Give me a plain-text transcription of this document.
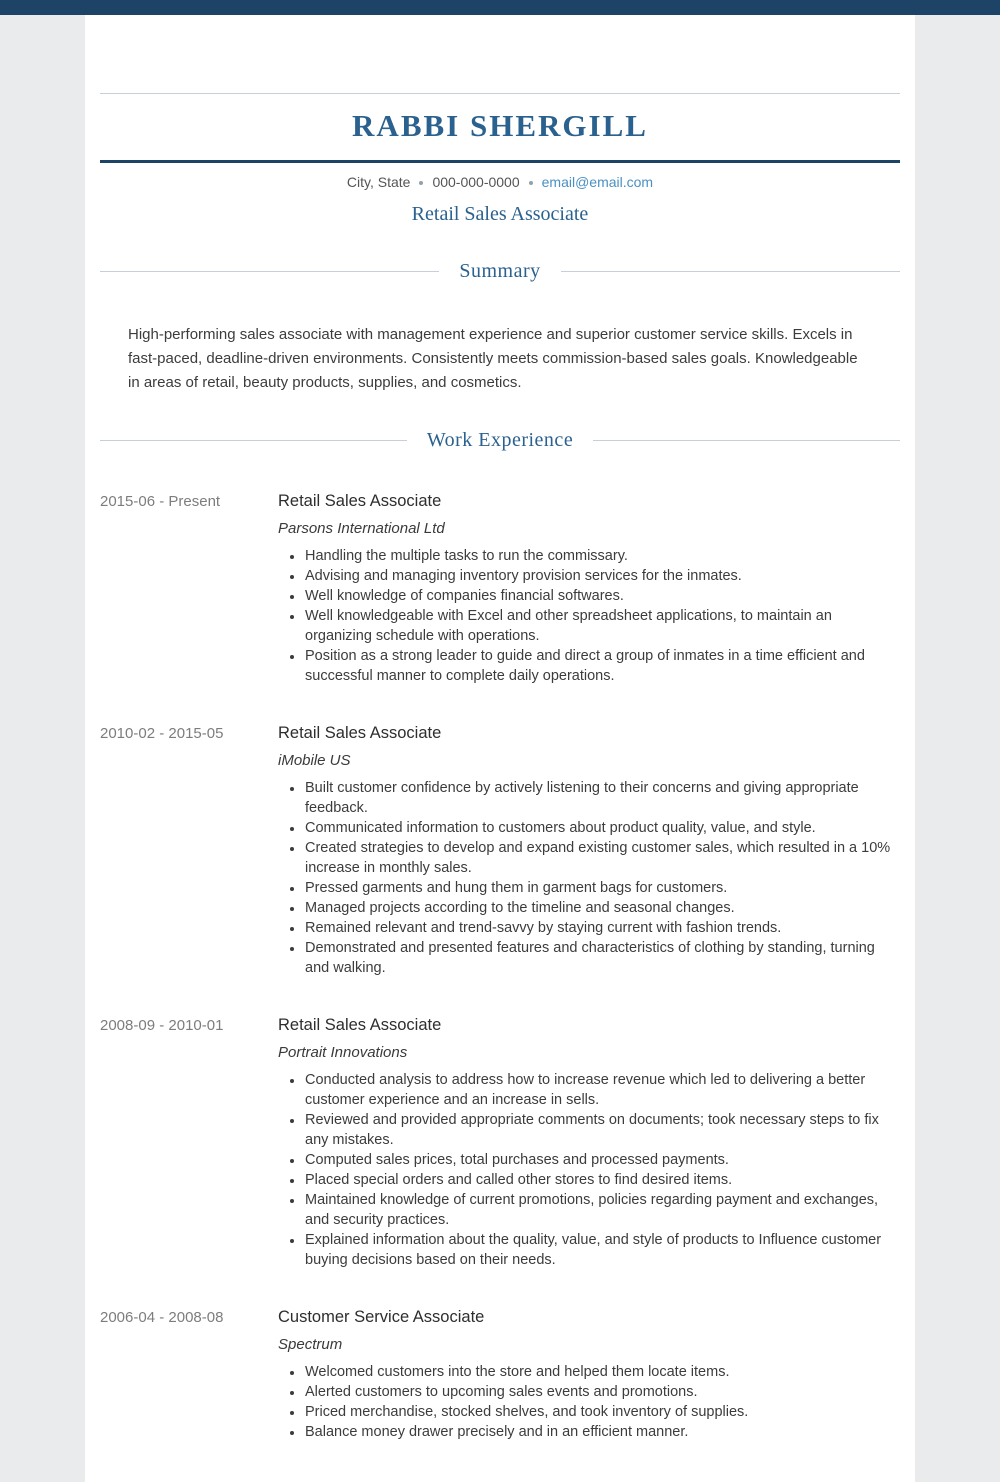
RABBI SHERGILL
City, State 000-000-0000 email@email.com
Retail Sales Associate
Summary

High-performing sales associate with management experience and superior customer service skills. Excels in fast-paced, deadline-driven environments. Consistently meets commission-based sales goals. Knowledgeable in areas of retail, beauty products, supplies, and cosmetics.

Work Experience
2015-06 - Present	Retail Sales Associate
Parsons International Ltd
• Handling the multiple tasks to run the commissary.
• Advising and managing inventory provision services for the inmates.
• Well knowledge of companies financial softwares.
• Well knowledgeable with Excel and other spreadsheet applications, to maintain an organizing schedule with operations.
• Position as a strong leader to guide and direct a group of inmates in a time efficient and successful manner to complete daily operations.
2010-02 - 2015-05	Retail Sales Associate
iMobile US
• Built customer confidence by actively listening to their concerns and giving appropriate feedback.
• Communicated information to customers about product quality, value, and style.
• Created strategies to develop and expand existing customer sales, which resulted in a 10% increase in monthly sales.
• Pressed garments and hung them in garment bags for customers.
• Managed projects according to the timeline and seasonal changes.
• Remained relevant and trend-savvy by staying current with fashion trends.
• Demonstrated and presented features and characteristics of clothing by standing, turning and walking.
2008-09 - 2010-01	Retail Sales Associate
Portrait Innovations
• Conducted analysis to address how to increase revenue which led to delivering a better customer experience and an increase in sells.
• Reviewed and provided appropriate comments on documents; took necessary steps to fix any mistakes.
• Computed sales prices, total purchases and processed payments.
• Placed special orders and called other stores to find desired items.
• Maintained knowledge of current promotions, policies regarding payment and exchanges, and security practices.
• Explained information about the quality, value, and style of products to Influence customer buying decisions based on their needs.
2006-04 - 2008-08	Customer Service Associate
Spectrum
• Welcomed customers into the store and helped them locate items.
• Alerted customers to upcoming sales events and promotions.
• Priced merchandise, stocked shelves, and took inventory of supplies.
• Balance money drawer precisely and in an efficient manner.
